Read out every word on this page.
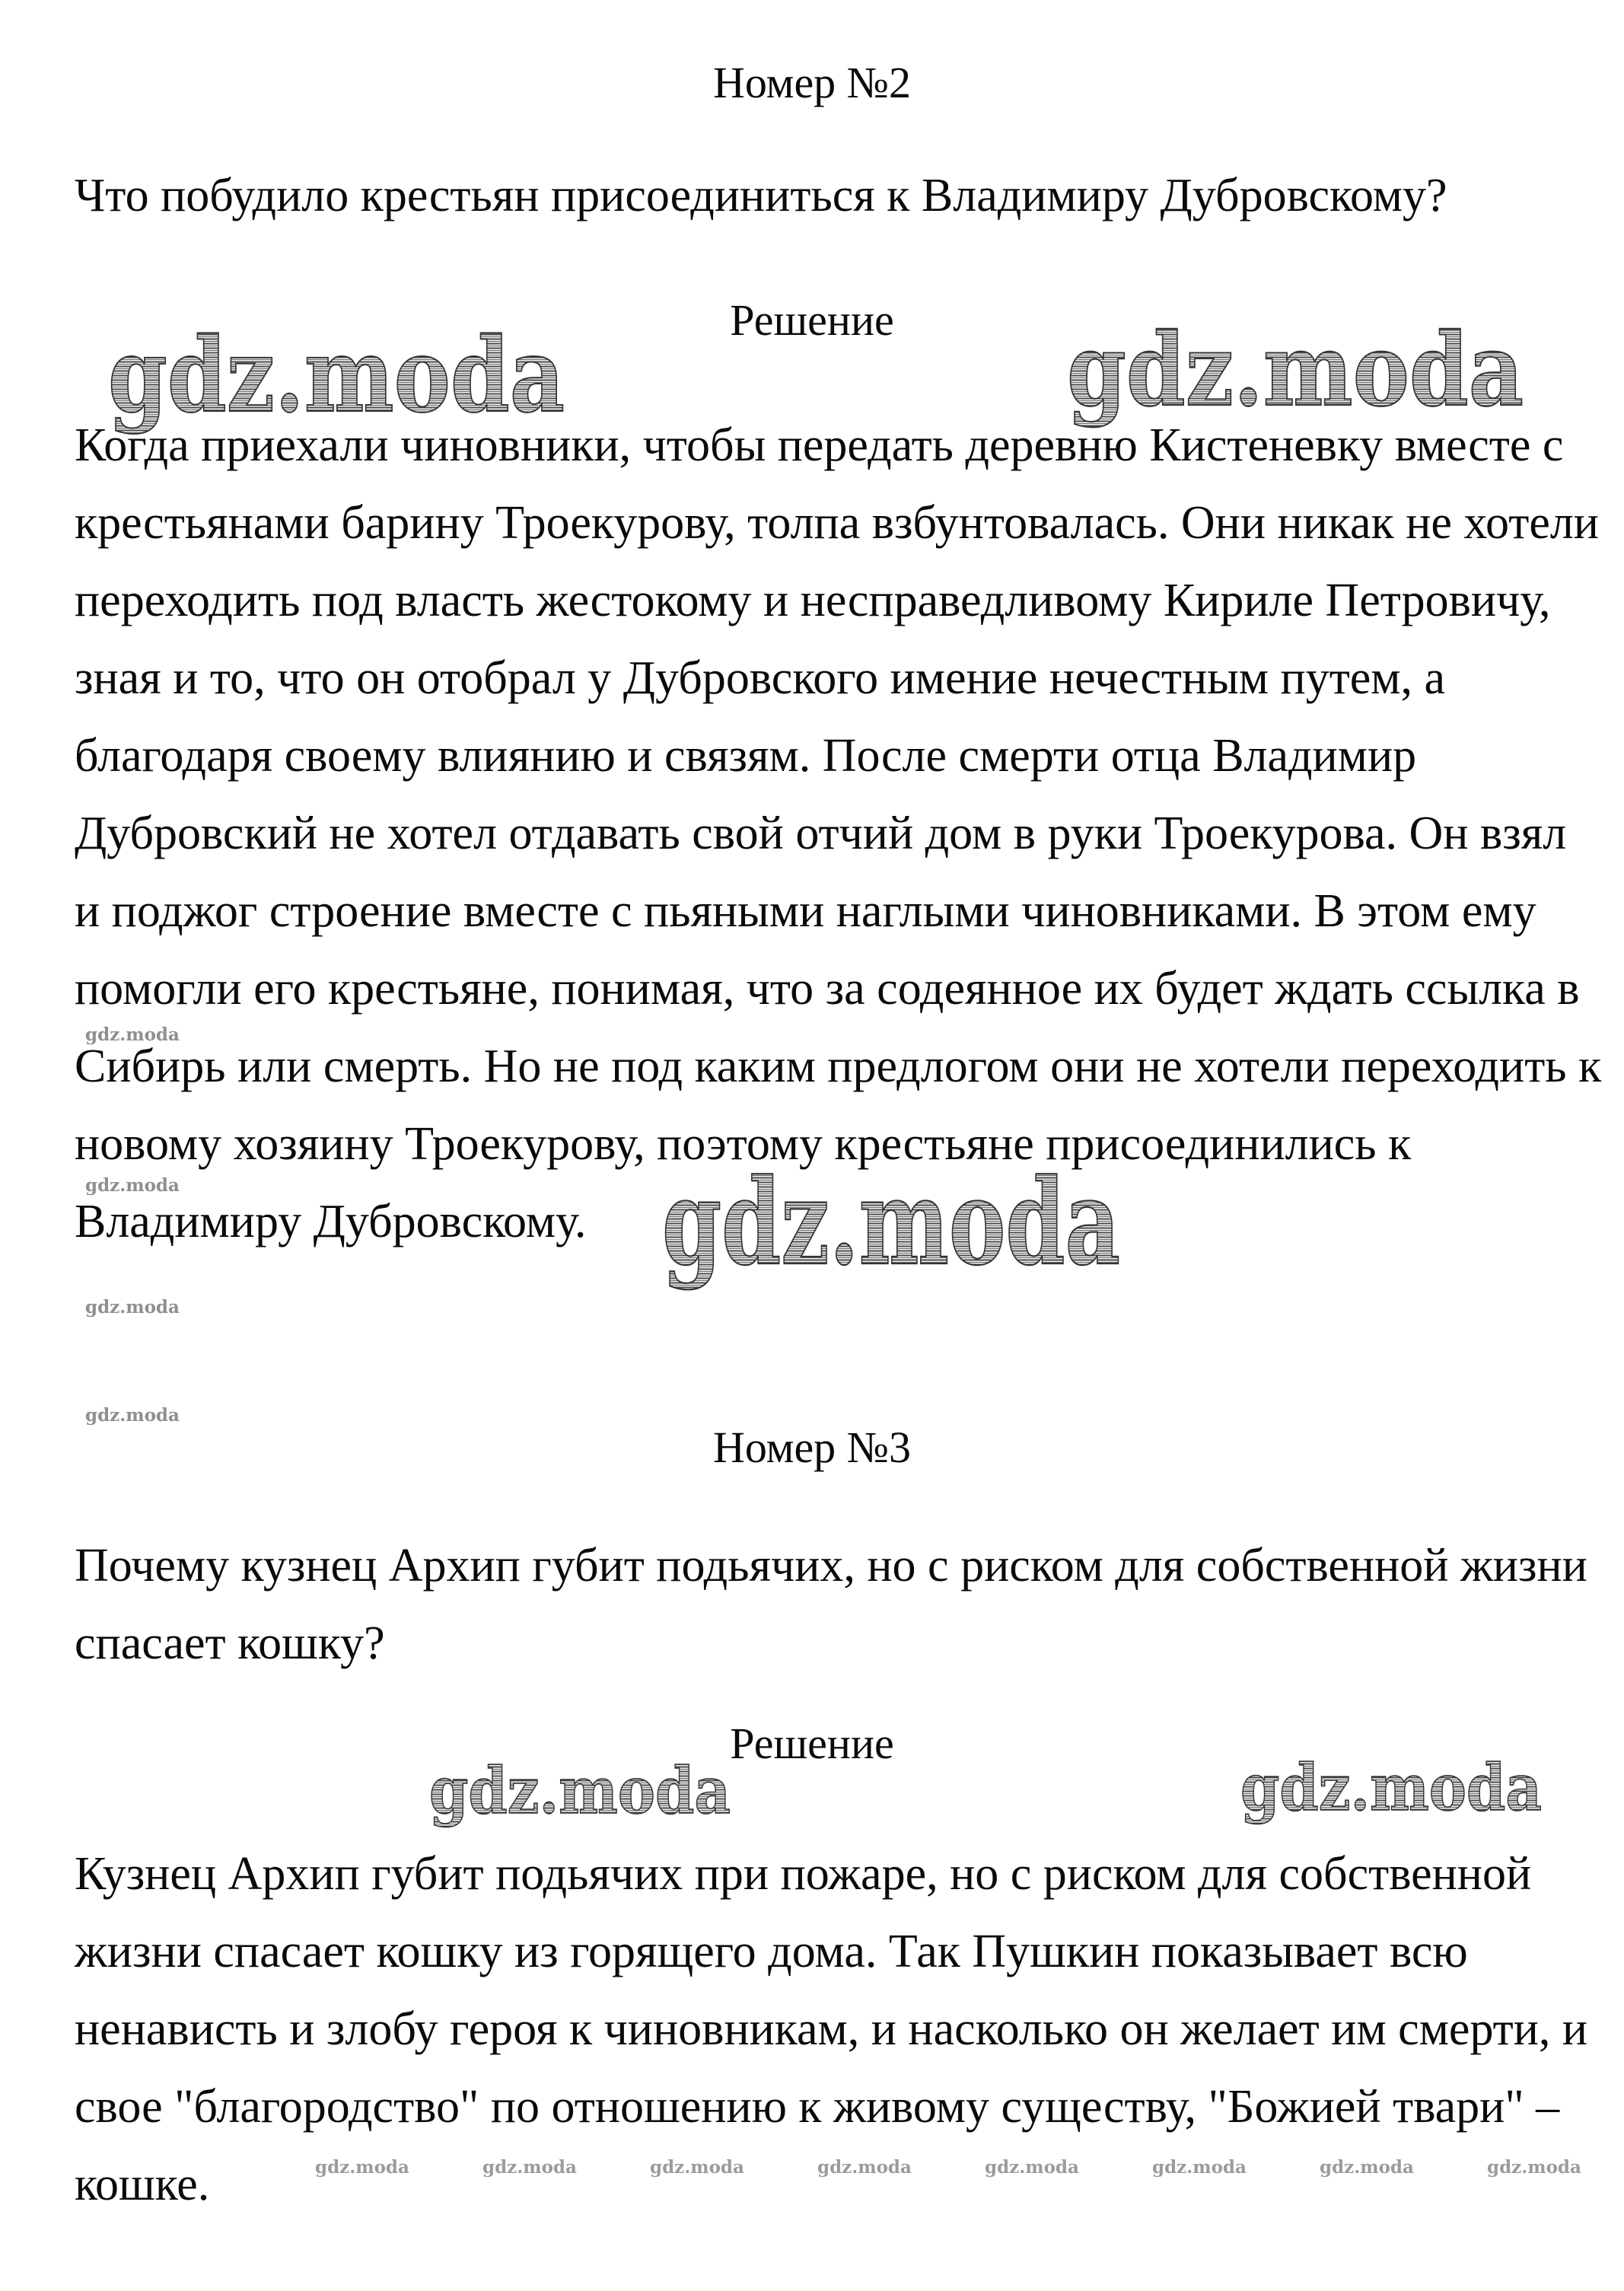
Номер №2
Решение
Что побудило крестьян присоединиться к Владимиру Дубровскому?
gdz.moda	gdz.moda
Когда приехали чиновники, чтобы передать деревню Кистеневку вместе с
крестьянами барину Троекурову, толпа взбунтовалась. Они никак не хотели
переходить под власть жестокому и несправедливому Кириле Петровичу,
зная и то, что он отобрал у Дубровского имение нечестным путем, а
благодаря своему влиянию и связям. После смерти отца Владимир
Дубровский не хотел отдавать свой отчий дом в руки Троекурова. Он взял
и поджог строение вместе с пьяными наглыми чиновниками. В этом ему
помогли его крестьяне, понимая, что за содеянное их будет ждать ссылка в
Сибирь или смерть. Но не под каким предлогом они не хотели переходить к
новому хозяину Троекурову, поэтому крестьяне присоединились к
Владимиру Дубровскому. gdz.moda
gdz.moda
gdz.moda
gdz.moda
gdz.moda
Номер №3
Почему кузнец Архип губит подьячих, но с риском для собственной жизни
спасает кошку?
Решение
gdz.moda	gdz.moda
Кузнец Архип губит подьячих при пожаре, но с риском для собственной
жизни спасает кошку из горящего дома. Так Пушкин показывает всю
ненависть и злобу героя к чиновникам, и насколько он желает им смерти, и
свое "благородство" по отношению к живому существу, "Божией твари" –
кошке.	gdz.moda	gdz.moda	gdz.moda	gdz.moda	gdz.moda	gdz.moda	gdz.moda	gdz.moda
